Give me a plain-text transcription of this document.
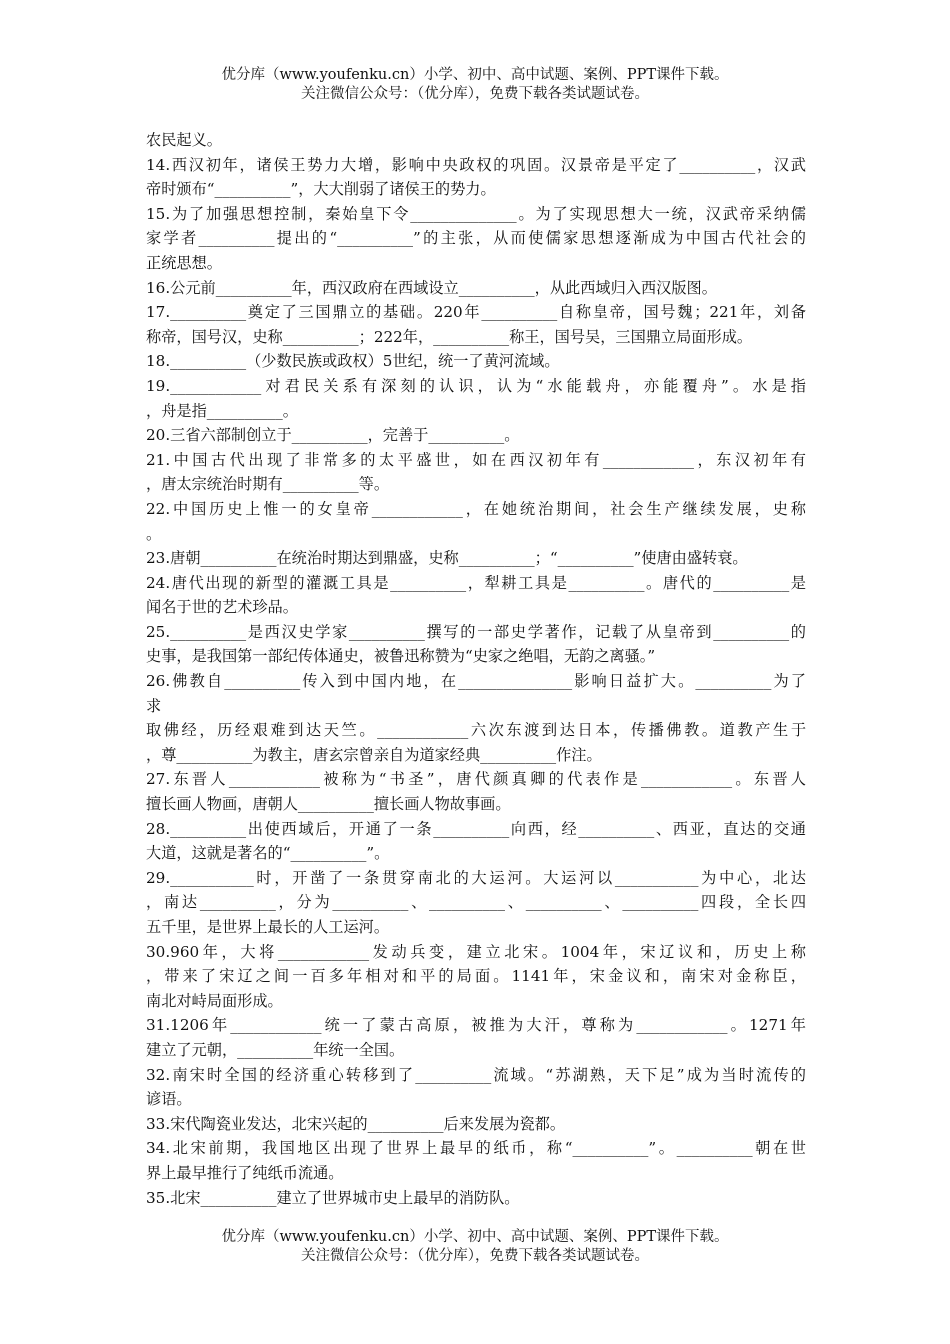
优分库（www.youfenku.cn）小学、初中、高中试题、案例、PPT课件下载。
关注微信公众号：（优分库），免费下载各类试题试卷。
农民起义。
14.西汉初年，诸侯王势力大增，影响中央政权的巩固。汉景帝是平定了__________，汉武
帝时颁布“__________”，大大削弱了诸侯王的势力。
15.为了加强思想控制，秦始皇下令______________。为了实现思想大一统，汉武帝采纳儒
家学者__________提出的“__________”的主张，从而使儒家思想逐渐成为中国古代社会的
正统思想。
16.公元前__________年，西汉政府在西域设立__________，从此西域归入西汉版图。
17.__________奠定了三国鼎立的基础。220年__________自称皇帝，国号魏；221年，刘备
称帝，国号汉，史称__________；222年，__________称王，国号吴，三国鼎立局面形成。
18.__________（少数民族或政权）5世纪，统一了黄河流域。
19.____________对君民关系有深刻的认识，认为“水能载舟，亦能覆舟”。水是指
，舟是指__________。
20.三省六部制创立于__________，完善于__________。
21.中国古代出现了非常多的太平盛世，如在西汉初年有____________，东汉初年有
，唐太宗统治时期有__________等。
22.中国历史上惟一的女皇帝____________，在她统治期间，社会生产继续发展，史称
。
23.唐朝__________在统治时期达到鼎盛，史称__________；“__________”使唐由盛转衰。
24.唐代出现的新型的灌溉工具是__________，犁耕工具是__________。唐代的__________是
闻名于世的艺术珍品。
25.__________是西汉史学家__________撰写的一部史学著作，记载了从皇帝到__________的
史事，是我国第一部纪传体通史，被鲁迅称赞为“史家之绝唱，无韵之离骚。”
26.佛教自__________传入到中国内地，在_______________影响日益扩大。__________为了
求
取佛经，历经艰难到达天竺。____________六次东渡到达日本，传播佛教。道教产生于
，尊__________为教主，唐玄宗曾亲自为道家经典__________作注。
27.东晋人____________被称为“书圣”，唐代颜真卿的代表作是____________。东晋人
擅长画人物画，唐朝人__________擅长画人物故事画。
28.__________出使西域后，开通了一条__________向西，经__________、西亚，直达的交通
大道，这就是著名的“__________”。
29.___________时，开凿了一条贯穿南北的大运河。大运河以___________为中心，北达
，南达__________，分为__________、__________、__________、__________四段，全长四
五千里，是世界上最长的人工运河。
30.960年，大将____________发动兵变，建立北宋。1004年，宋辽议和，历史上称
，带来了宋辽之间一百多年相对和平的局面。1141年，宋金议和，南宋对金称臣，
南北对峙局面形成。
31.1206年____________统一了蒙古高原，被推为大汗，尊称为____________。1271年
建立了元朝，__________年统一全国。
32.南宋时全国的经济重心转移到了__________流域。“苏湖熟，天下足”成为当时流传的
谚语。
33.宋代陶瓷业发达，北宋兴起的__________后来发展为瓷都。
34.北宋前期，我国地区出现了世界上最早的纸币，称“__________”。__________朝在世
界上最早推行了纯纸币流通。
35.北宋__________建立了世界城市史上最早的消防队。
优分库（www.youfenku.cn）小学、初中、高中试题、案例、PPT课件下载。
关注微信公众号：（优分库），免费下载各类试题试卷。
